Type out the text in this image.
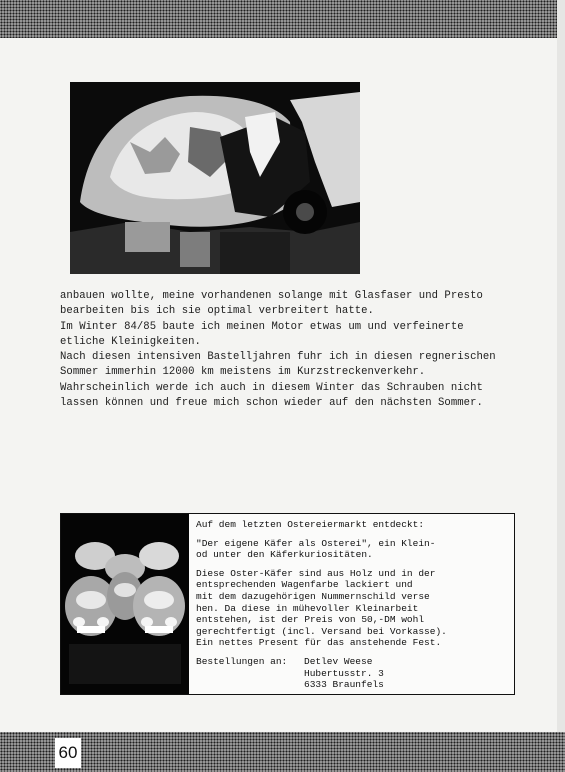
anbauen wollte, meine vorhandenen solange mit Glasfaser und Presto
bearbeiten bis ich sie optimal verbreitert hatte.
Im Winter 84/85 baute ich meinen Motor etwas um und verfeinerte
etliche Kleinigkeiten.
Nach diesen intensiven Bastelljahren fuhr ich in diesen regnerischen
Sommer immerhin 12000 km meistens im Kurzstreckenverkehr.
Wahrscheinlich werde ich auch in diesem Winter das Schrauben nicht
lassen können und freue mich schon wieder auf den nächsten Sommer.

Auf dem letzten Ostereiermarkt entdeckt:

"Der eigene Käfer als Osterei", ein Klein-
od unter den Käferkuriositäten.

Diese Oster-Käfer sind aus Holz und in der
entsprechenden Wagenfarbe lackiert und
mit dem dazugehörigen Nummernschild verse
hen. Da diese in mühevoller Kleinarbeit
entstehen, ist der Preis von 50,-DM wohl
gerechtfertigt (incl. Versand bei Vorkasse).
Ein nettes Present für das anstehende Fest.

Bestellungen an:	Detlev Weese
Hubertusstr. 3
6333 Braunfels
60
